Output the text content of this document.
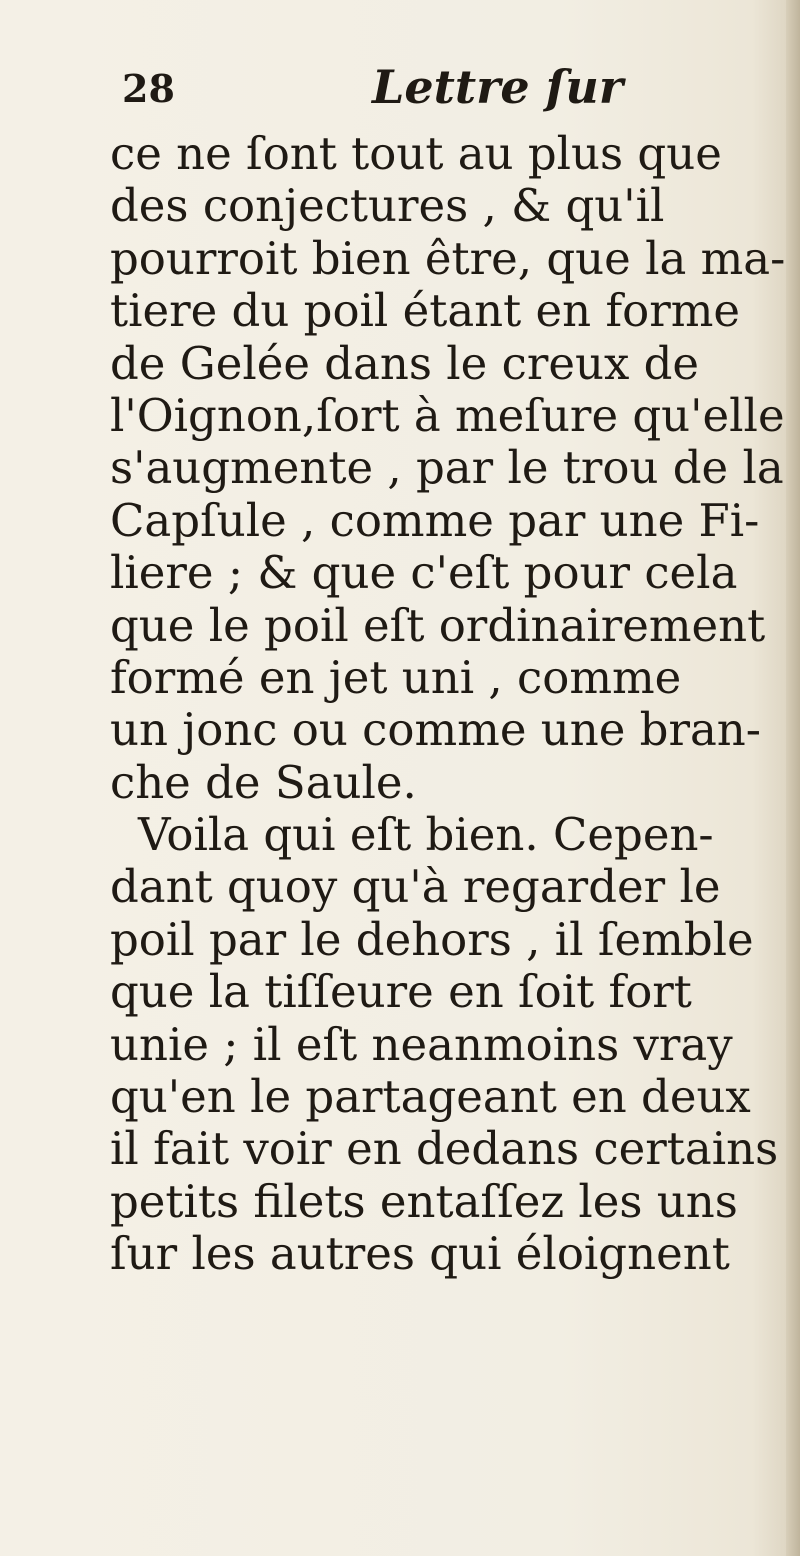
28	Lettre ſur
ce ne ſont tout au plus que
des conjectures , & qu'il
pourroit bien être, que la ma-
tiere du poil étant en forme
de Gelée dans le creux de
l'Oignon,ſort à meſure qu'elle
s'augmente , par le trou de la
Capſule , comme par une Fi-
liere ; & que c'eſt pour cela
que le poil eſt ordinairement
formé en jet uni , comme
un jonc ou comme une bran-
che de Saule.
Voila qui eſt bien. Cepen-
dant quoy qu'à regarder le
poil par le dehors , il ſemble
que la tiſſeure en ſoit fort
unie ; il eſt neanmoins vray
qu'en le partageant en deux
il fait voir en dedans certains
petits filets entaſſez les uns
ſur les autres qui éloignent
